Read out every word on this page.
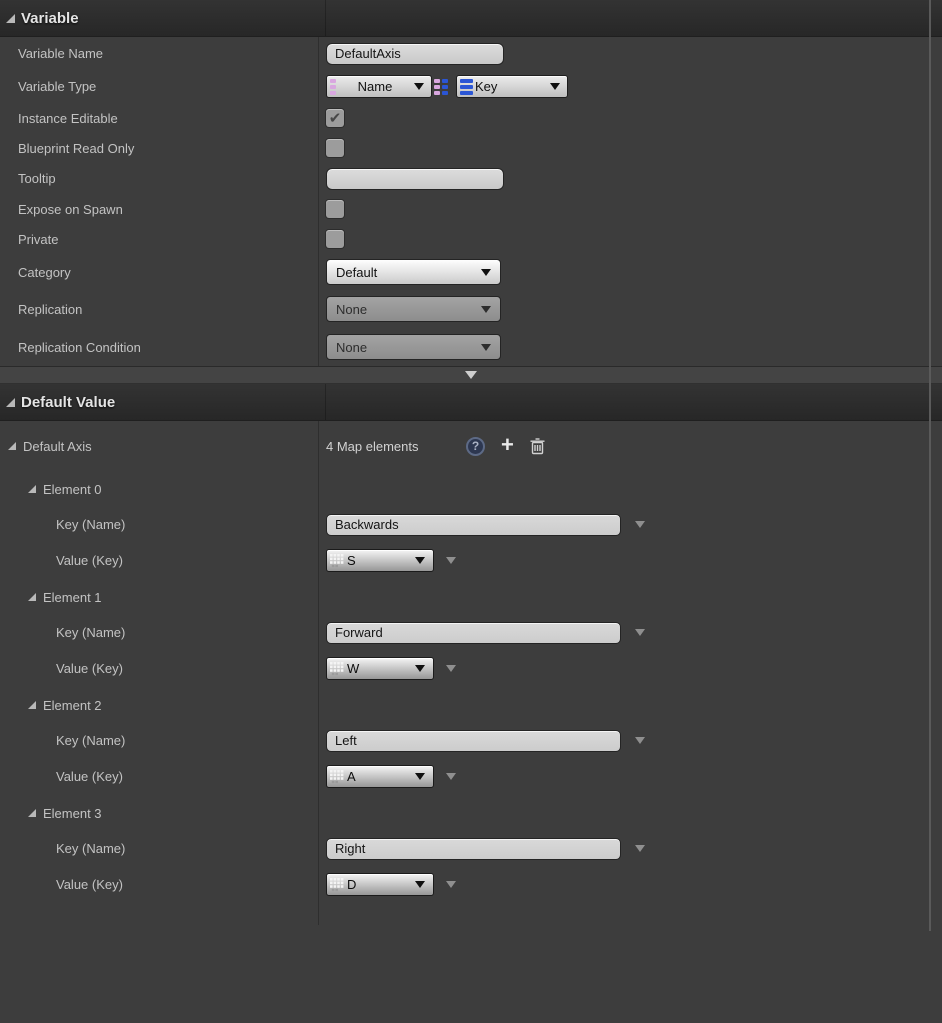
Variable
Variable Name	DefaultAxis
Variable Type	Name	Key
Instance Editable	✔
Blueprint Read Only
Tooltip
Expose on Spawn
Private
Category	Default
Replication	None
Replication Condition	None
Default Value
Default Axis	4 Map elements	? +
Element 0
Key (Name)	Backwards
Value (Key)	S
Element 1
Key (Name)	Forward
Value (Key)	W
Element 2
Key (Name)	Left
Value (Key)	A
Element 3
Key (Name)	Right
Value (Key)	D
